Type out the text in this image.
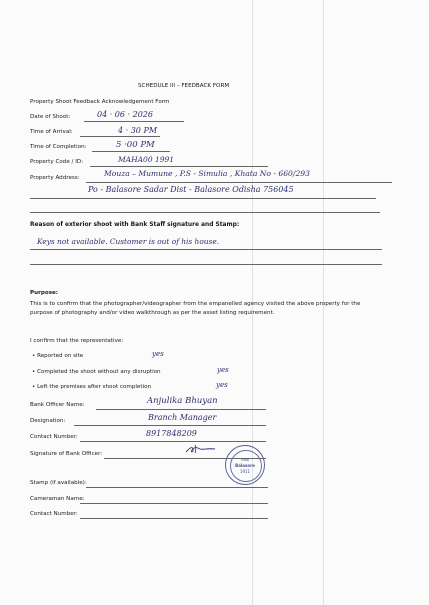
SCHEDULE III – FEEDBACK FORM
Property Shoot Feedback Acknowledgement Form
Date of Shoot:	04 · 06 · 2026
Time of Arrival:	4 · 30 PM
Time of Completion:	5 ·00 PM
Property Code / ID:	MAHA00 1991
Property Address:	Mouza – Mumune , P.S - Simulia , Khata No - 660/293
Po - Balasore Sadar Dist - Balasore Odisha 756045
Reason of exterior shoot with Bank Staff signature and Stamp:
Keys not available. Customer is out of his house.
Purpose:
This is to confirm that the photographer/videographer from the empanelled agency visited the above property for the purpose of photography and/or video walkthrough as per the asset listing requirement.
I confirm that the representative:
• Reported on site	yes
• Completed the shoot without any disruption	yes
• Left the premises after shoot completion	yes
Bank Officer Name:	Anjulika Bhuyan
Designation:	Branch Manager
Contact Number:	8917848209
Signature of Bank Officer:
शाखा
Balasore
1911
Stamp (if available):
Cameraman Name:
Contact Number:
